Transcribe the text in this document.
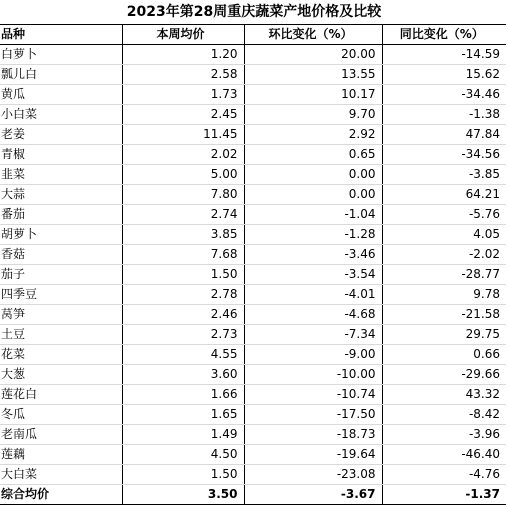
2023年第28周重庆蔬菜产地价格及比较
品种	本周均价	环比变化（%）	同比变化（%）
白萝卜	1.20	20.00	-14.59
瓢儿白	2.58	13.55	15.62
黄瓜	1.73	10.17	-34.46
小白菜	2.45	9.70	-1.38
老姜	11.45	2.92	47.84
青椒	2.02	0.65	-34.56
韭菜	5.00	0.00	-3.85
大蒜	7.80	0.00	64.21
番茄	2.74	-1.04	-5.76
胡萝卜	3.85	-1.28	4.05
香菇	7.68	-3.46	-2.02
茄子	1.50	-3.54	-28.77
四季豆	2.78	-4.01	9.78
莴笋	2.46	-4.68	-21.58
土豆	2.73	-7.34	29.75
花菜	4.55	-9.00	0.66
大葱	3.60	-10.00	-29.66
莲花白	1.66	-10.74	43.32
冬瓜	1.65	-17.50	-8.42
老南瓜	1.49	-18.73	-3.96
莲藕	4.50	-19.64	-46.40
大白菜	1.50	-23.08	-4.76
综合均价	3.50	-3.67	-1.37
